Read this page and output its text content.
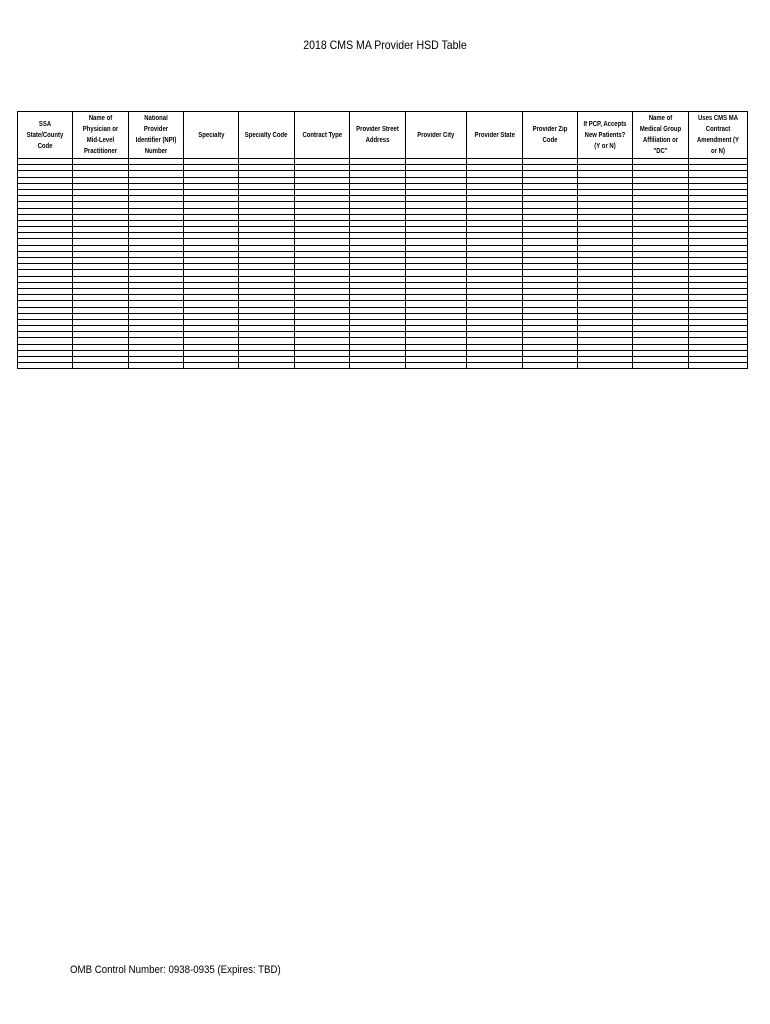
2018 CMS MA Provider HSD Table
SSA State/County Code	Name of Physician or Mid-Level Practitioner	National Provider Identifier (NPI) Number	Specialty	Specialty Code	Contract Type	Provider Street Address	Provider City	Provider State	Provider Zip Code	If PCP, Accepts New Patients? (Y or N)	Name of Medical Group Affiliation or "DC"	Uses CMS MA Contract Amendment (Y or N)

OMB Control Number: 0938-0935 (Expires: TBD)
